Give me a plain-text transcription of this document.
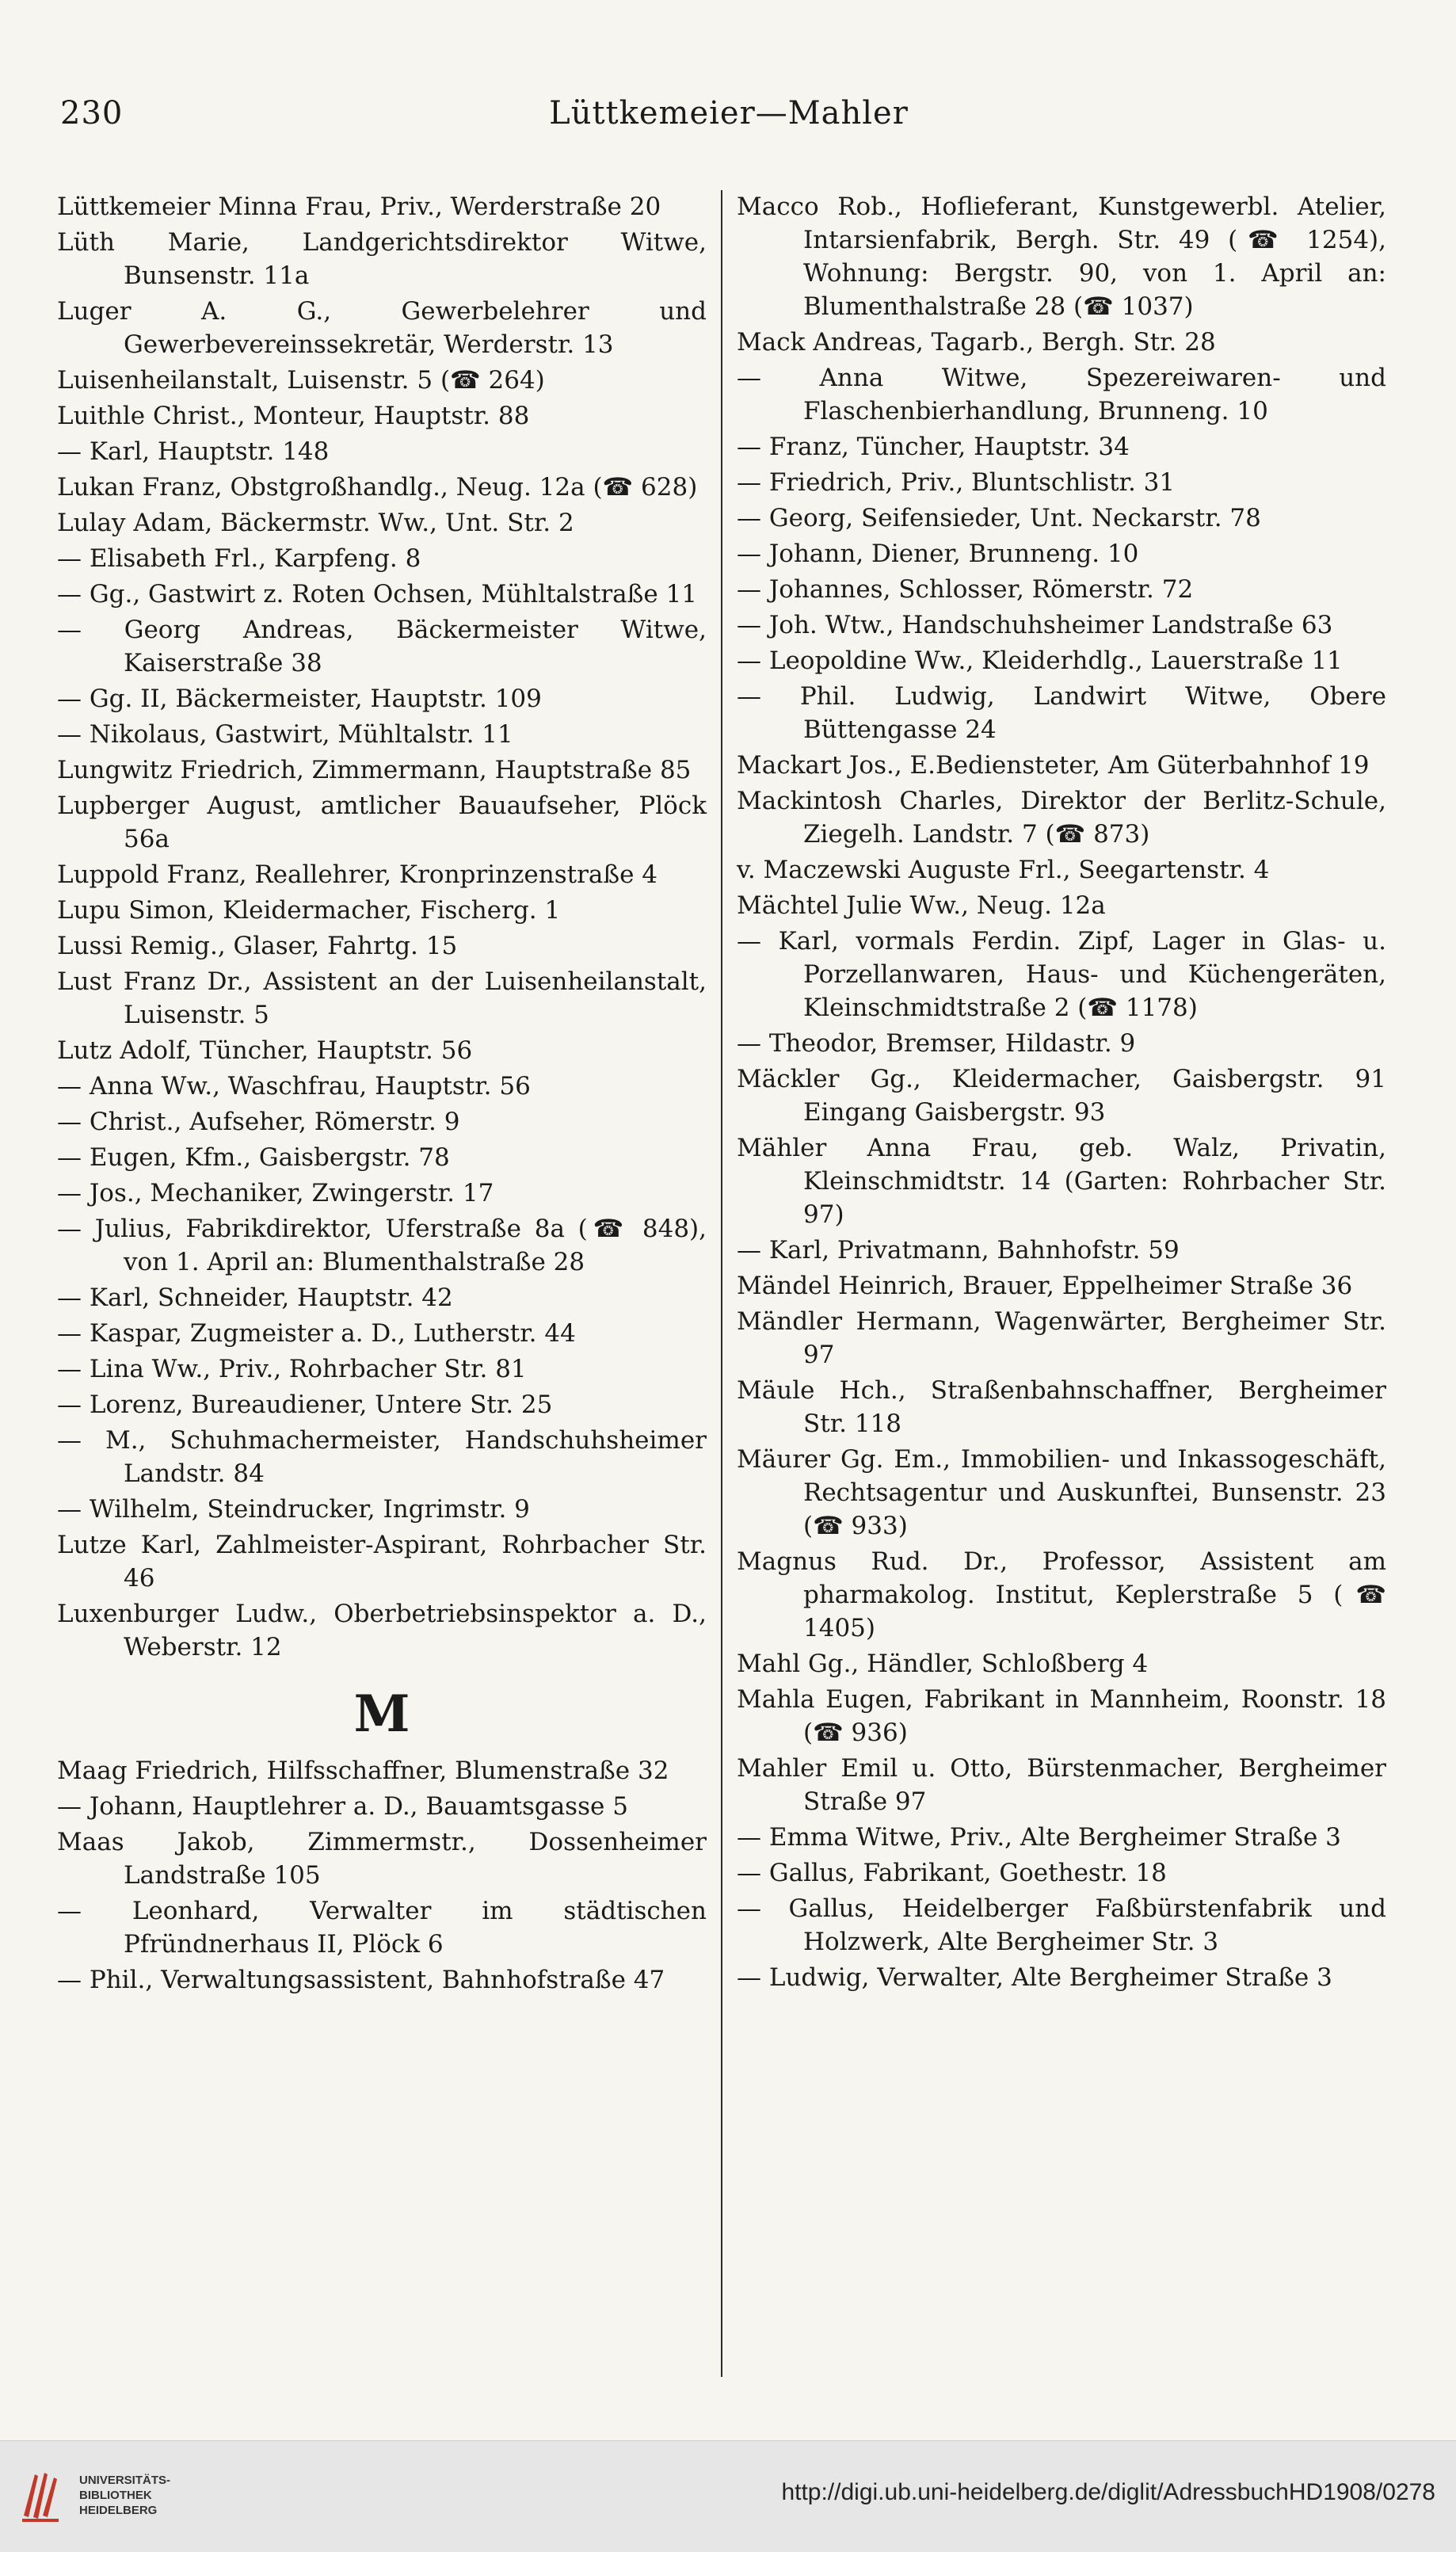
230	Lüttkemeier—Mahler

Lüttkemeier Minna Frau, Priv., Werderstraße 20

Lüth Marie, Landgerichtsdirektor Witwe, Bunsenstr. 11a

Luger A. G., Gewerbelehrer und Gewerbevereinssekretär, Werderstr. 13

Luisenheilanstalt, Luisenstr. 5 (☎ 264)

Luithle Christ., Monteur, Hauptstr. 88

— Karl, Hauptstr. 148

Lukan Franz, Obstgroßhandlg., Neug. 12a (☎ 628)

Lulay Adam, Bäckermstr. Ww., Unt. Str. 2

— Elisabeth Frl., Karpfeng. 8

— Gg., Gastwirt z. Roten Ochsen, Mühltalstraße 11

— Georg Andreas, Bäckermeister Witwe, Kaiserstraße 38

— Gg. II, Bäckermeister, Hauptstr. 109

— Nikolaus, Gastwirt, Mühltalstr. 11

Lungwitz Friedrich, Zimmermann, Hauptstraße 85

Lupberger August, amtlicher Bauaufseher, Plöck 56a

Luppold Franz, Reallehrer, Kronprinzenstraße 4

Lupu Simon, Kleidermacher, Fischerg. 1

Lussi Remig., Glaser, Fahrtg. 15

Lust Franz Dr., Assistent an der Luisenheilanstalt, Luisenstr. 5

Lutz Adolf, Tüncher, Hauptstr. 56

— Anna Ww., Waschfrau, Hauptstr. 56

— Christ., Aufseher, Römerstr. 9

— Eugen, Kfm., Gaisbergstr. 78

— Jos., Mechaniker, Zwingerstr. 17

— Julius, Fabrikdirektor, Uferstraße 8a (☎ 848), von 1. April an: Blumenthalstraße 28

— Karl, Schneider, Hauptstr. 42

— Kaspar, Zugmeister a. D., Lutherstr. 44

— Lina Ww., Priv., Rohrbacher Str. 81

— Lorenz, Bureaudiener, Untere Str. 25

— M., Schuhmachermeister, Handschuhsheimer Landstr. 84

— Wilhelm, Steindrucker, Ingrimstr. 9

Lutze Karl, Zahlmeister-Aspirant, Rohrbacher Str. 46

Luxenburger Ludw., Oberbetriebsinspektor a. D., Weberstr. 12

M

Maag Friedrich, Hilfsschaffner, Blumenstraße 32

— Johann, Hauptlehrer a. D., Bauamtsgasse 5

Maas Jakob, Zimmermstr., Dossenheimer Landstraße 105

— Leonhard, Verwalter im städtischen Pfründnerhaus II, Plöck 6

— Phil., Verwaltungsassistent, Bahnhofstraße 47

Macco Rob., Hoflieferant, Kunstgewerbl. Atelier, Intarsienfabrik, Bergh. Str. 49 (☎ 1254), Wohnung: Bergstr. 90, von 1. April an: Blumenthalstraße 28 (☎ 1037)

Mack Andreas, Tagarb., Bergh. Str. 28

— Anna Witwe, Spezereiwaren- und Flaschenbierhandlung, Brunneng. 10

— Franz, Tüncher, Hauptstr. 34

— Friedrich, Priv., Bluntschlistr. 31

— Georg, Seifensieder, Unt. Neckarstr. 78

— Johann, Diener, Brunneng. 10

— Johannes, Schlosser, Römerstr. 72

— Joh. Wtw., Handschuhsheimer Landstraße 63

— Leopoldine Ww., Kleiderhdlg., Lauerstraße 11

— Phil. Ludwig, Landwirt Witwe, Obere Büttengasse 24

Mackart Jos., E.Bediensteter, Am Güterbahnhof 19

Mackintosh Charles, Direktor der Berlitz-Schule, Ziegelh. Landstr. 7 (☎ 873)

v. Maczewski Auguste Frl., Seegartenstr. 4

Mächtel Julie Ww., Neug. 12a

— Karl, vormals Ferdin. Zipf, Lager in Glas- u. Porzellanwaren, Haus- und Küchengeräten, Kleinschmidtstraße 2 (☎ 1178)

— Theodor, Bremser, Hildastr. 9

Mäckler Gg., Kleidermacher, Gaisbergstr. 91 Eingang Gaisbergstr. 93

Mähler Anna Frau, geb. Walz, Privatin, Kleinschmidtstr. 14 (Garten: Rohrbacher Str. 97)

— Karl, Privatmann, Bahnhofstr. 59

Mändel Heinrich, Brauer, Eppelheimer Straße 36

Mändler Hermann, Wagenwärter, Bergheimer Str. 97

Mäule Hch., Straßenbahnschaffner, Bergheimer Str. 118

Mäurer Gg. Em., Immobilien- und Inkassogeschäft, Rechtsagentur und Auskunftei, Bunsenstr. 23 (☎ 933)

Magnus Rud. Dr., Professor, Assistent am pharmakolog. Institut, Keplerstraße 5 (☎ 1405)

Mahl Gg., Händler, Schloßberg 4

Mahla Eugen, Fabrikant in Mannheim, Roonstr. 18 (☎ 936)

Mahler Emil u. Otto, Bürstenmacher, Bergheimer Straße 97

— Emma Witwe, Priv., Alte Bergheimer Straße 3

— Gallus, Fabrikant, Goethestr. 18

— Gallus, Heidelberger Faßbürstenfabrik und Holzwerk, Alte Bergheimer Str. 3

— Ludwig, Verwalter, Alte Bergheimer Straße 3

UNIVERSITÄTS-
BIBLIOTHEK
HEIDELBERG
http://digi.ub.uni-heidelberg.de/diglit/AdressbuchHD1908/0278
